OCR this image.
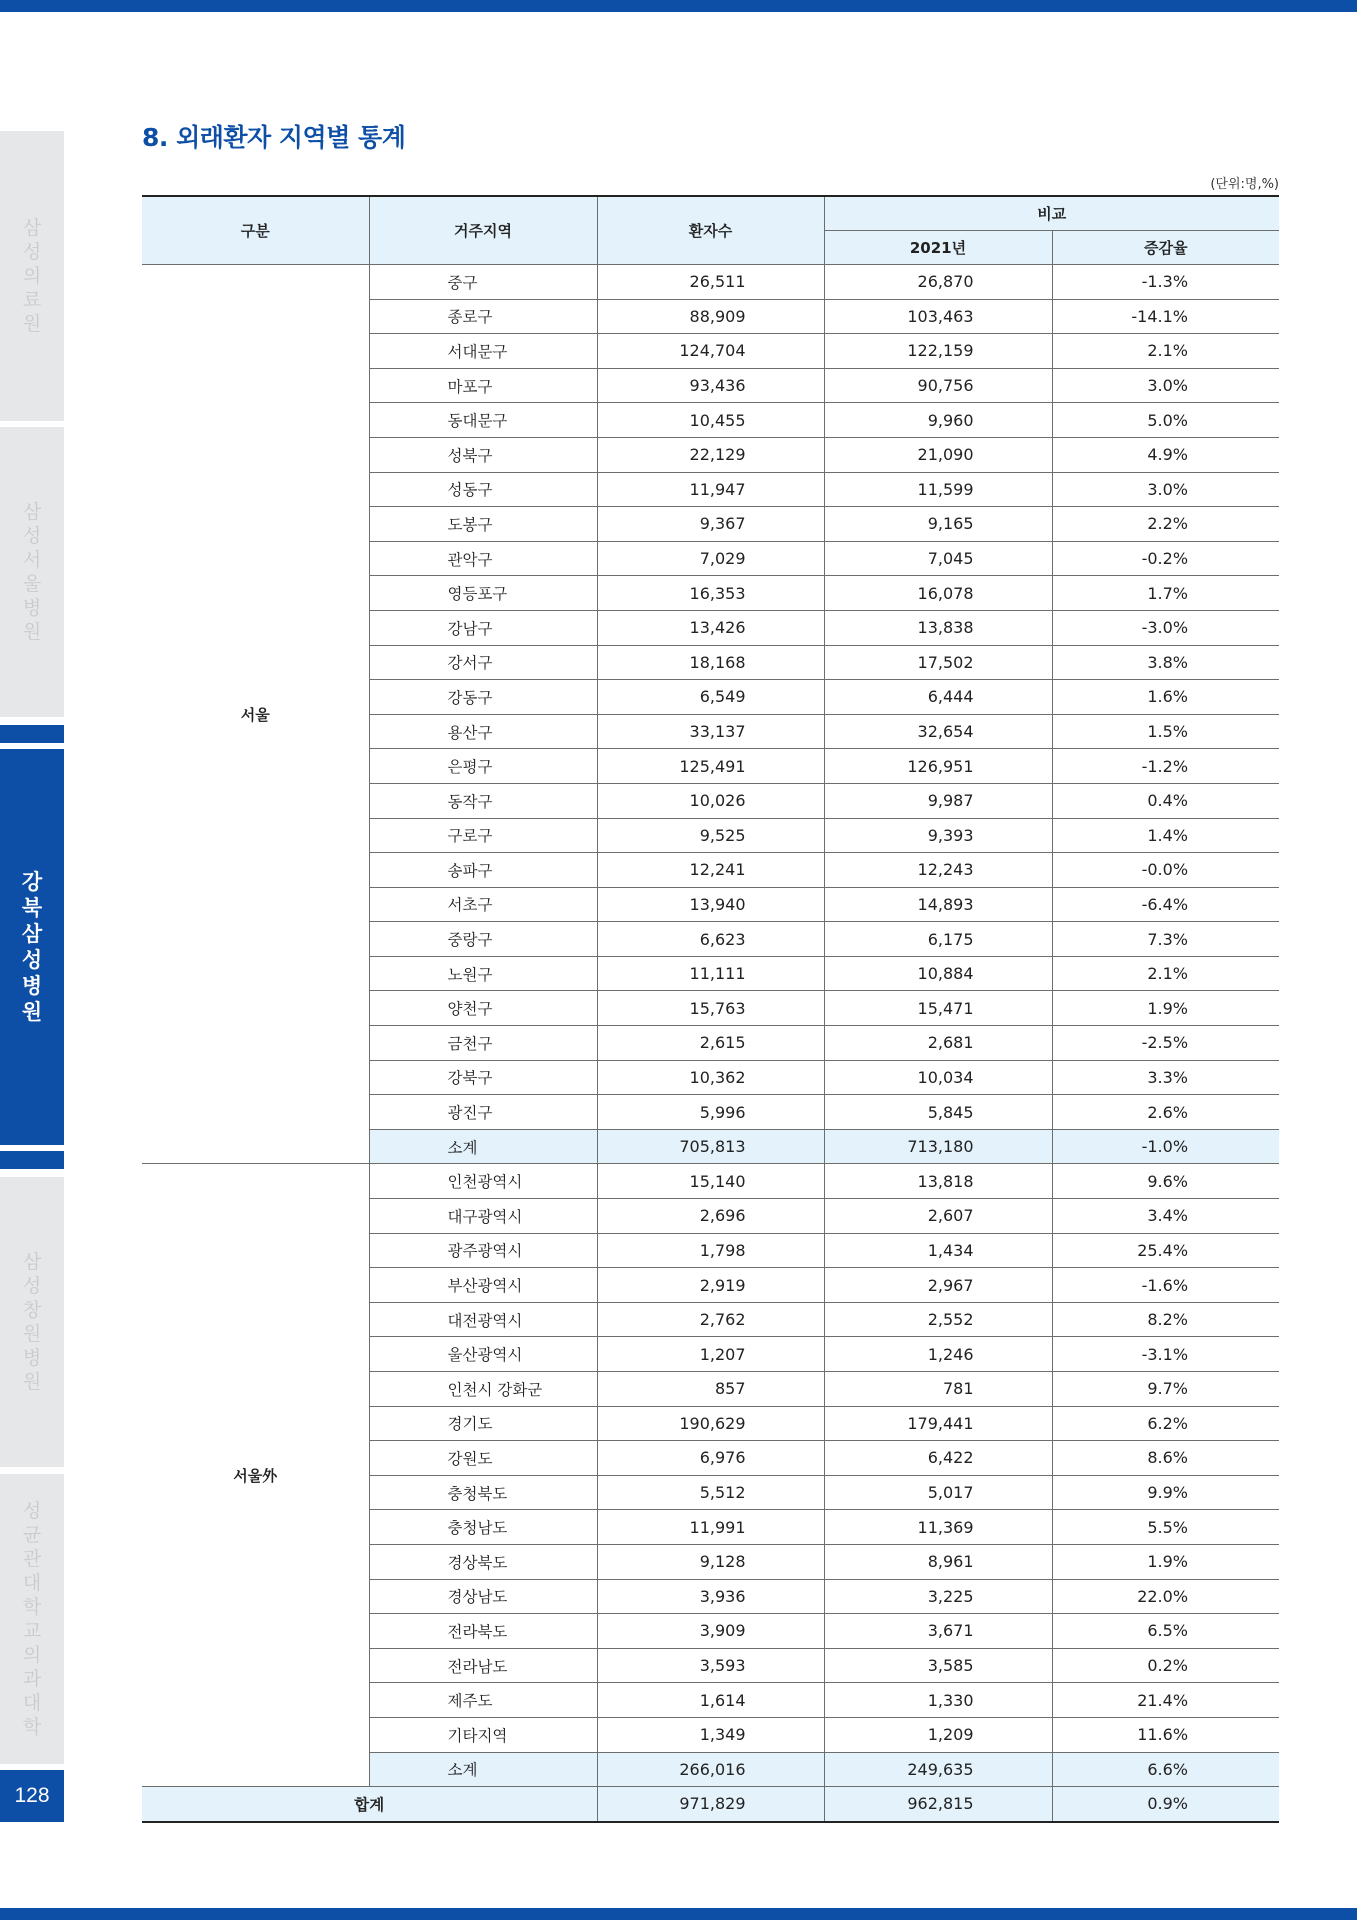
삼성의료원
삼성서울병원
강북삼성병원
삼성창원병원
성균관대학교 의과대학
128
8. 외래환자 지역별 통계
(단위:명,%)
구분	거주지역	환자수	비교	
			2021년	증감율
서울	중구	26,511	26,870	-1.3%
	종로구	88,909	103,463	-14.1%
	서대문구	124,704	122,159	2.1%
	마포구	93,436	90,756	3.0%
	동대문구	10,455	9,960	5.0%
	성북구	22,129	21,090	4.9%
	성동구	11,947	11,599	3.0%
	도봉구	9,367	9,165	2.2%
	관악구	7,029	7,045	-0.2%
	영등포구	16,353	16,078	1.7%
	강남구	13,426	13,838	-3.0%
	강서구	18,168	17,502	3.8%
	강동구	6,549	6,444	1.6%
	용산구	33,137	32,654	1.5%
	은평구	125,491	126,951	-1.2%
	동작구	10,026	9,987	0.4%
	구로구	9,525	9,393	1.4%
	송파구	12,241	12,243	-0.0%
	서초구	13,940	14,893	-6.4%
	중랑구	6,623	6,175	7.3%
	노원구	11,111	10,884	2.1%
	양천구	15,763	15,471	1.9%
	금천구	2,615	2,681	-2.5%
	강북구	10,362	10,034	3.3%
	광진구	5,996	5,845	2.6%
	소계	705,813	713,180	-1.0%
서울外	인천광역시	15,140	13,818	9.6%
	대구광역시	2,696	2,607	3.4%
	광주광역시	1,798	1,434	25.4%
	부산광역시	2,919	2,967	-1.6%
	대전광역시	2,762	2,552	8.2%
	울산광역시	1,207	1,246	-3.1%
	인천시 강화군	857	781	9.7%
	경기도	190,629	179,441	6.2%
	강원도	6,976	6,422	8.6%
	충청북도	5,512	5,017	9.9%
	충청남도	11,991	11,369	5.5%
	경상북도	9,128	8,961	1.9%
	경상남도	3,936	3,225	22.0%
	전라북도	3,909	3,671	6.5%
	전라남도	3,593	3,585	0.2%
	제주도	1,614	1,330	21.4%
	기타지역	1,349	1,209	11.6%
	소계	266,016	249,635	6.6%
합계		971,829	962,815	0.9%
